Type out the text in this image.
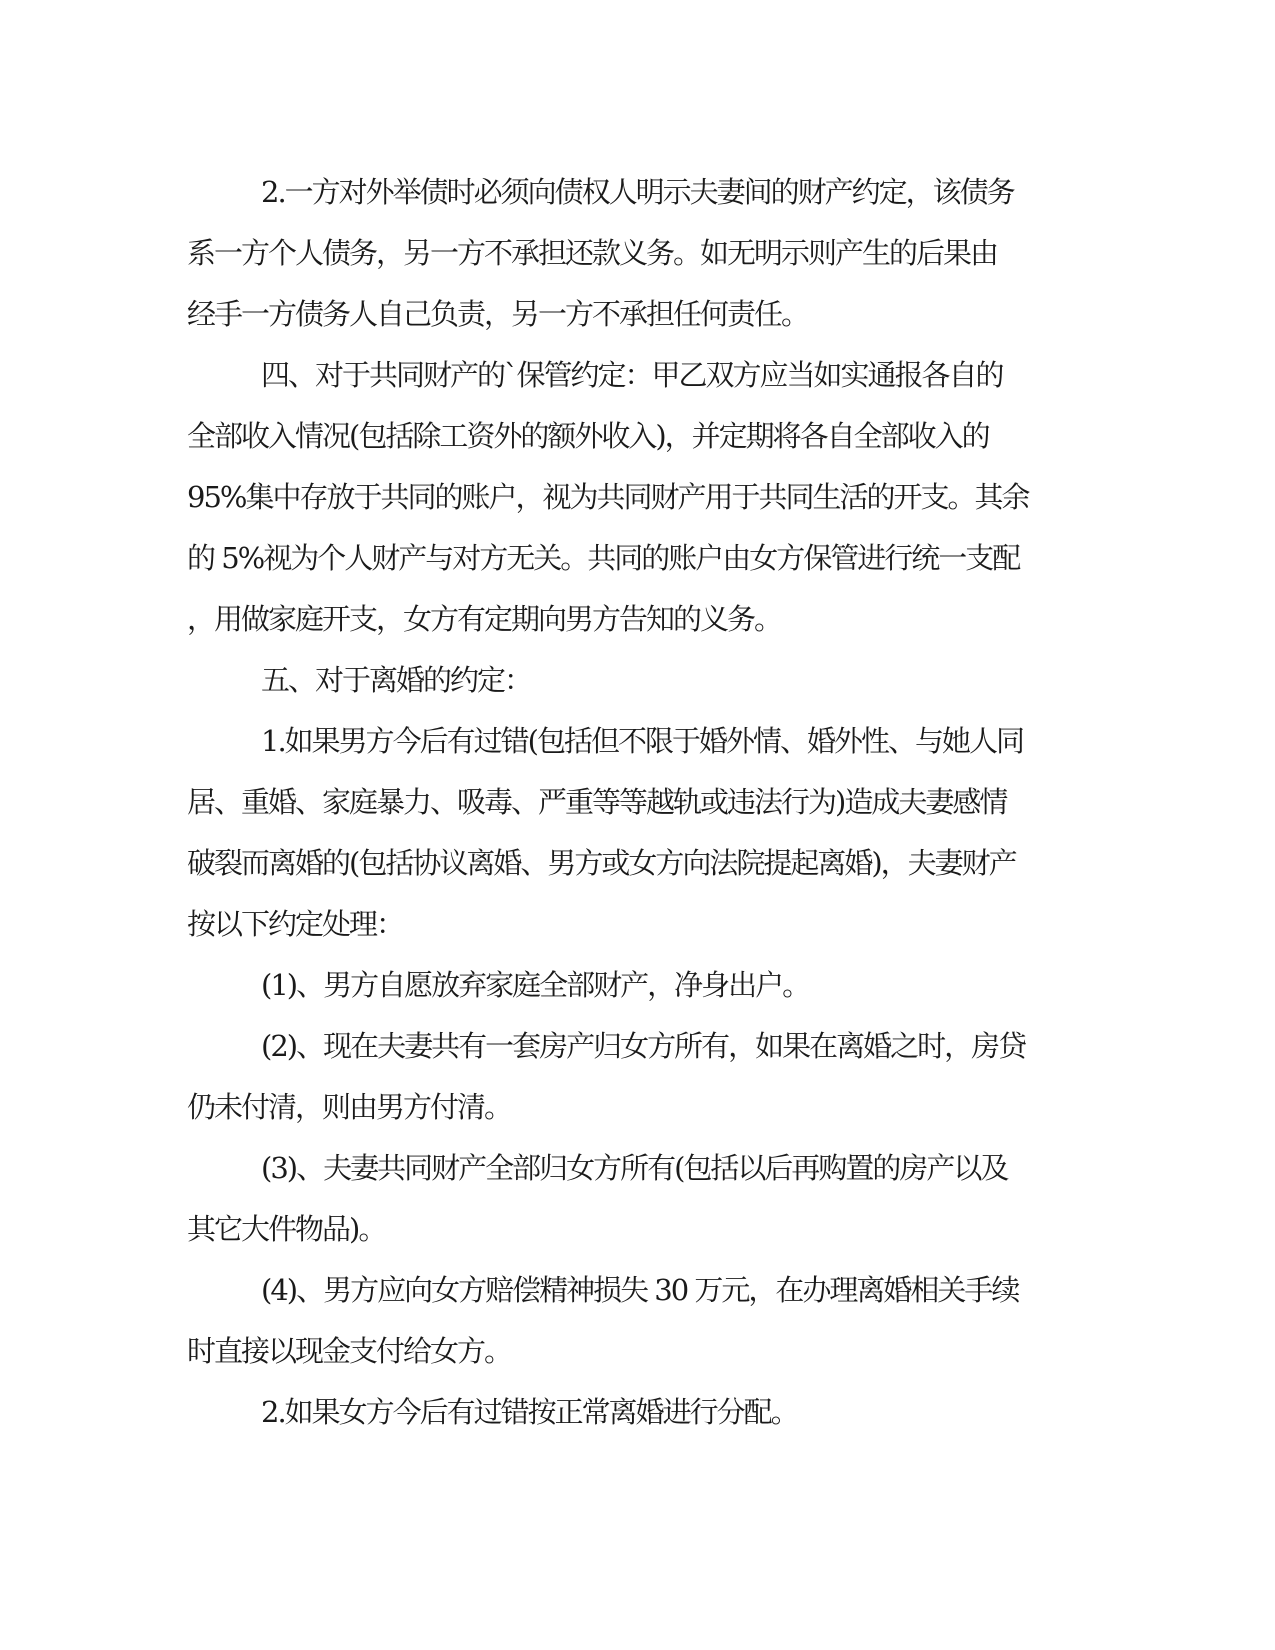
2.一方对外举债时必须向债权人明示夫妻间的财产约定，该债务
系一方个人债务，另一方不承担还款义务。如无明示则产生的后果由
经手一方债务人自己负责，另一方不承担任何责任。
四、对于共同财产的`保管约定：甲乙双方应当如实通报各自的
全部收入情况(包括除工资外的额外收入)，并定期将各自全部收入的
95%集中存放于共同的账户，视为共同财产用于共同生活的开支。其余
的 5%视为个人财产与对方无关。共同的账户由女方保管进行统一支配
，用做家庭开支，女方有定期向男方告知的义务。
五、对于离婚的约定：
1.如果男方今后有过错(包括但不限于婚外情、婚外性、与她人同
居、重婚、家庭暴力、吸毒、严重等等越轨或违法行为)造成夫妻感情
破裂而离婚的(包括协议离婚、男方或女方向法院提起离婚)，夫妻财产
按以下约定处理：
(1)、男方自愿放弃家庭全部财产，净身出户。
(2)、现在夫妻共有一套房产归女方所有，如果在离婚之时，房贷
仍未付清，则由男方付清。
(3)、夫妻共同财产全部归女方所有(包括以后再购置的房产以及
其它大件物品)。
(4)、男方应向女方赔偿精神损失 30 万元，在办理离婚相关手续
时直接以现金支付给女方。
2.如果女方今后有过错按正常离婚进行分配。
